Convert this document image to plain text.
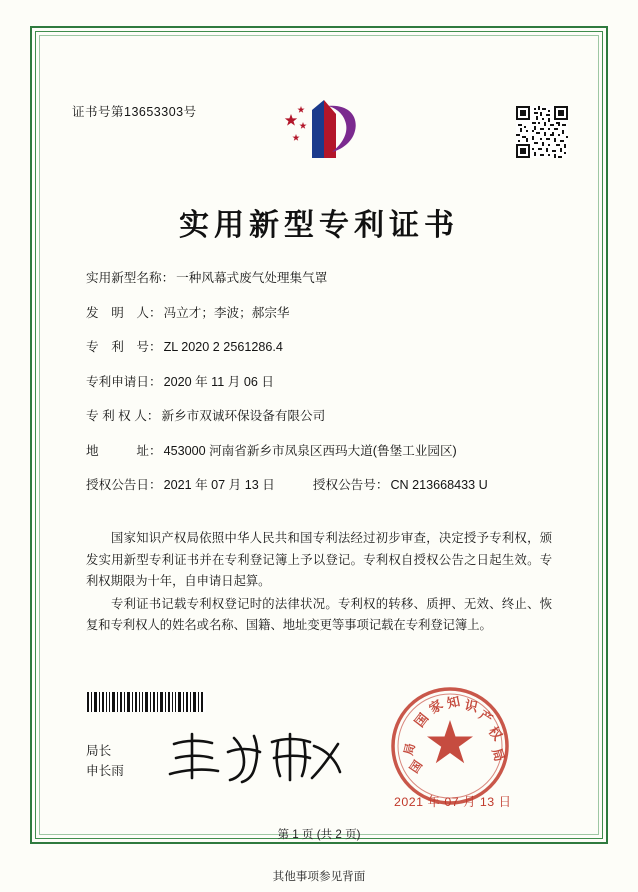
证书号第13653303号
实用新型专利证书
实用新型名称： 一种风幕式废气处理集气罩
发　明　人： 冯立才；李波；郝宗华
专　利　号： ZL 2020 2 2561286.4
专利申请日： 2020 年 11 月 06 日
专 利 权 人： 新乡市双诚环保设备有限公司
地　　　址： 453000 河南省新乡市凤泉区西玛大道(鲁堡工业园区)
授权公告日： 2021 年 07 月 13 日	授权公告号： CN 213668433 U

国家知识产权局依照中华人民共和国专利法经过初步审查，决定授予专利权，颁发实用新型专利证书并在专利登记簿上予以登记。专利权自授权公告之日起生效。专利权期限为十年，自申请日起算。

专利证书记载专利权登记时的法律状况。专利权的转移、质押、无效、终止、恢复和专利权人的姓名或名称、国籍、地址变更等事项记载在专利登记簿上。

局长
申长雨
国
家 知 识
产
权
局
局
国
2021 年 07 月 13 日
第 1 页 (共 2 页)
其他事项参见背面
